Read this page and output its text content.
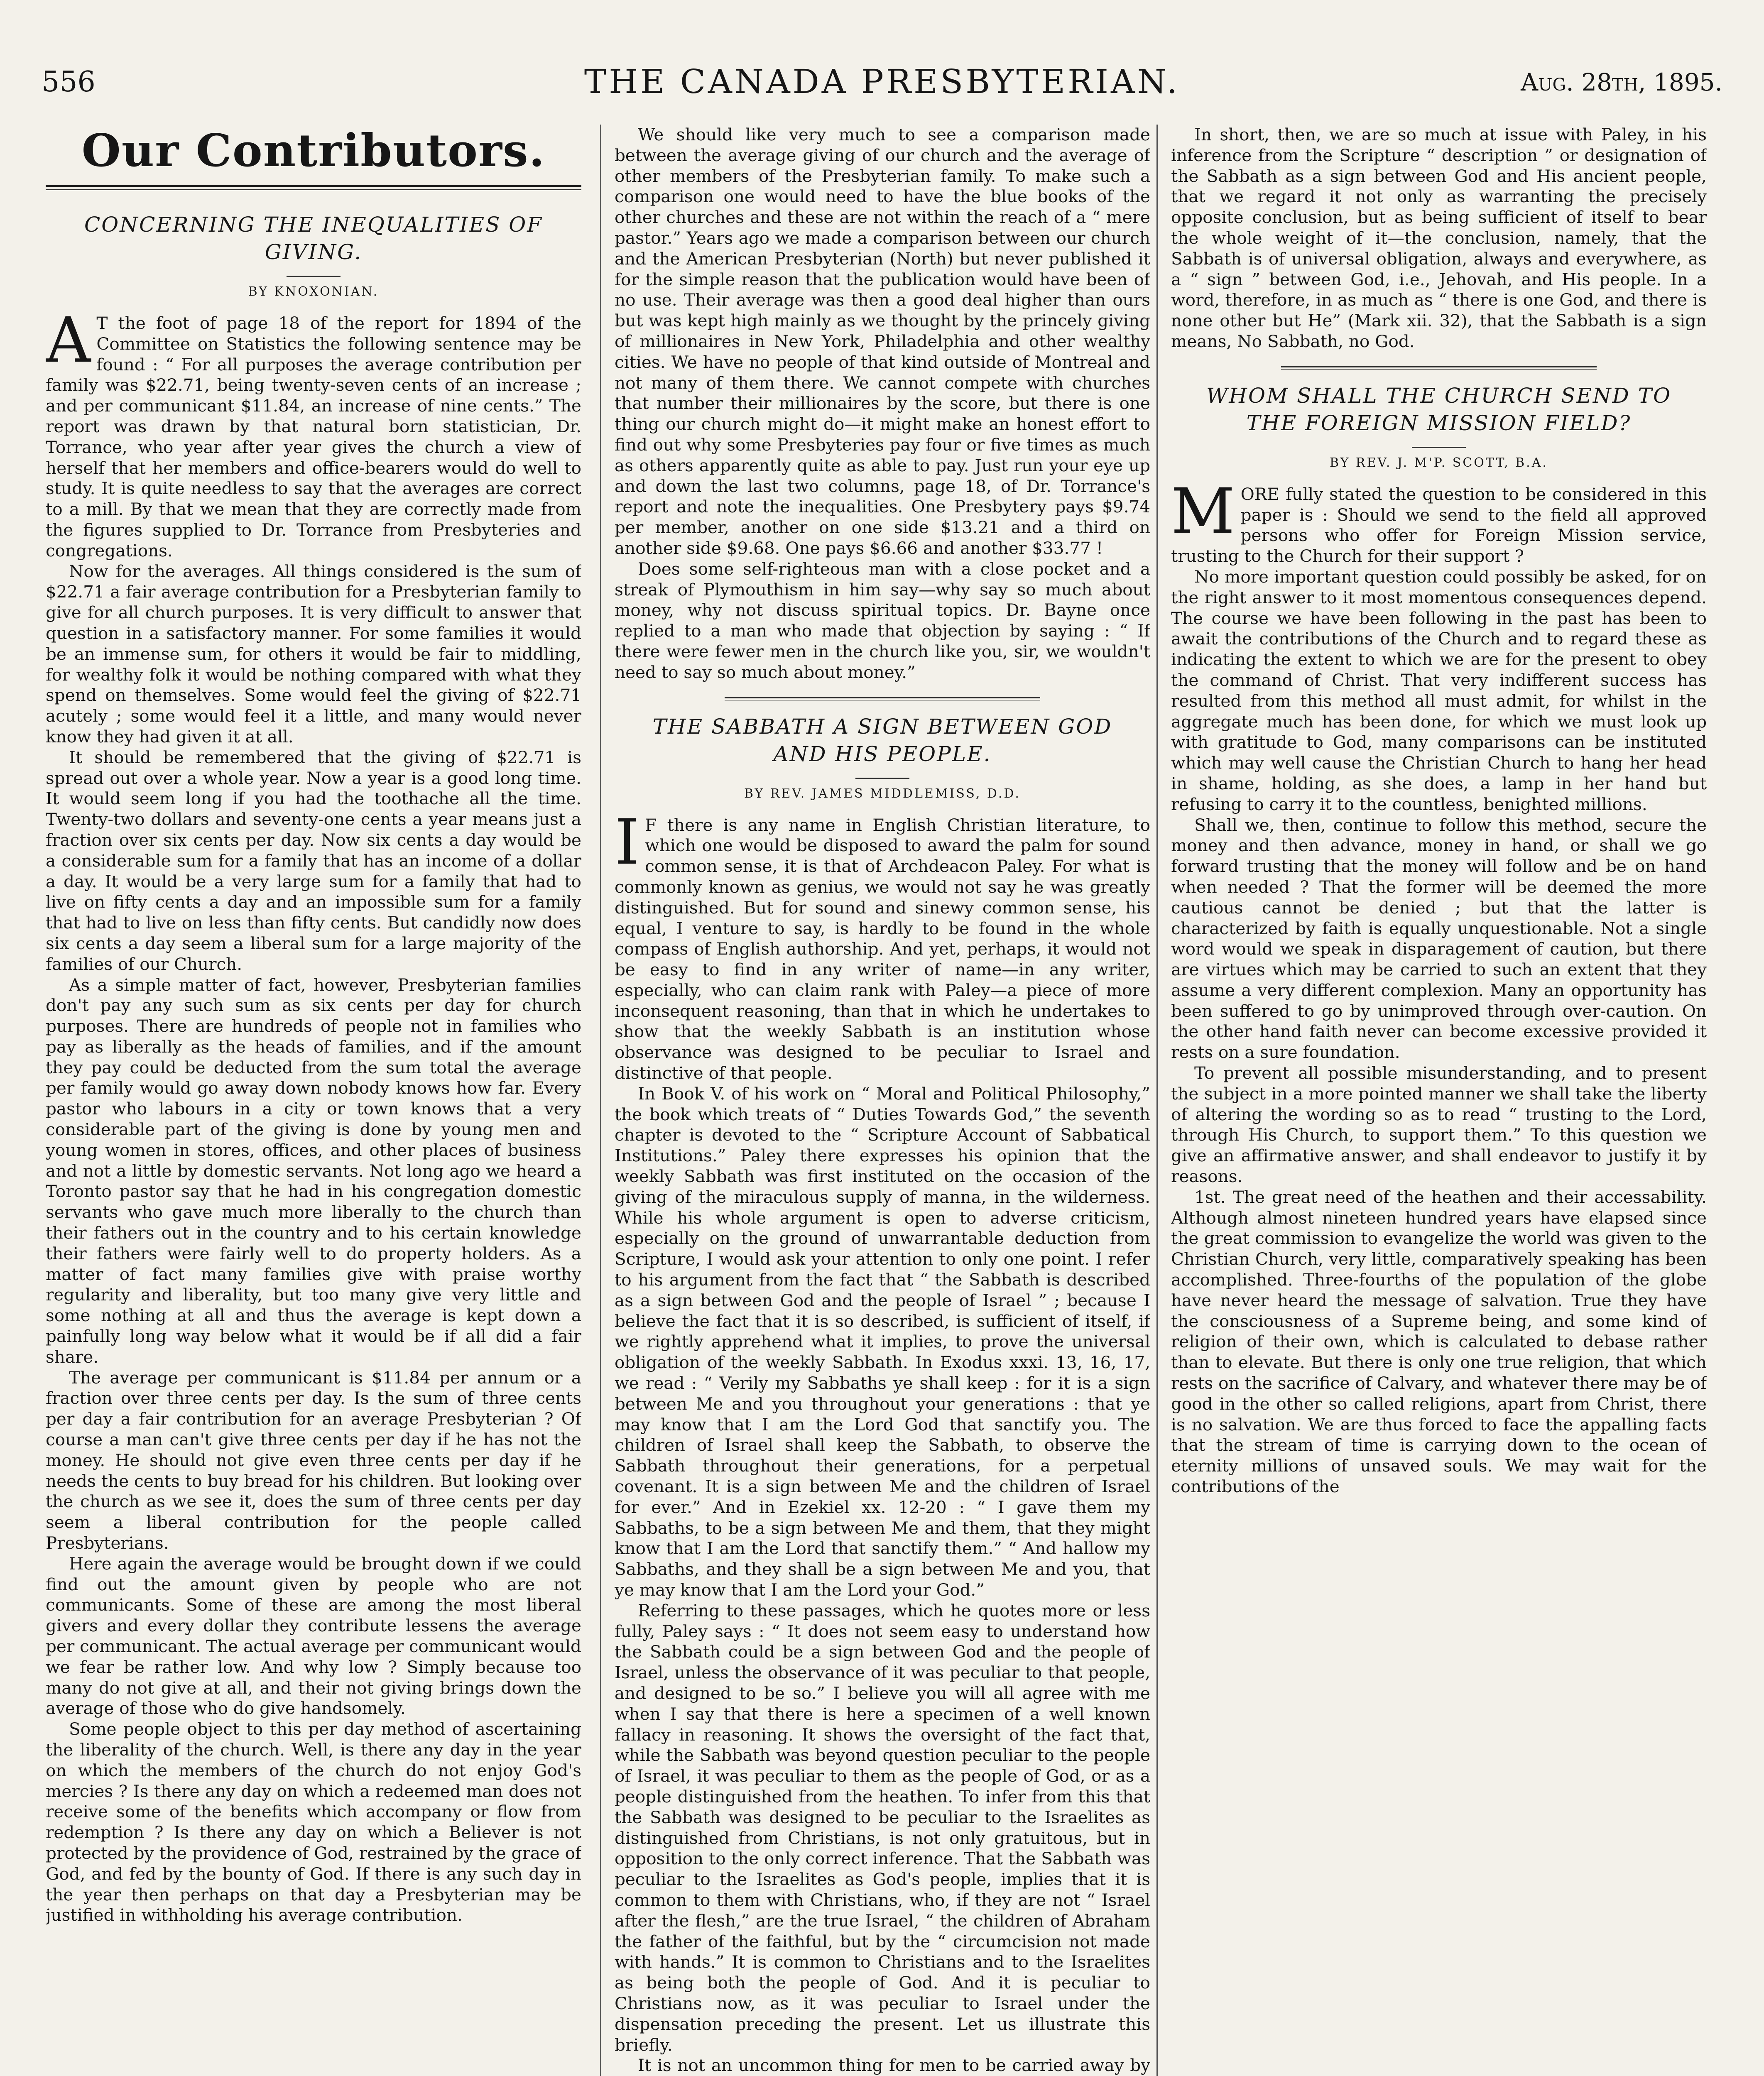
556	THE CANADA PRESBYTERIAN.	Aug. 28th, 1895.
Our Contributors.
CONCERNING THE INEQUALITIES OF GIVING.
BY KNOXONIAN.

A T the foot of page 18 of the report for 1894 of the Committee on Statistics the following sentence may be found : “ For all purposes the average contribution per family was $22.71, being twenty-seven cents of an increase ; and per communicant $11.84, an increase of nine cents.” The report was drawn by that natural born statistician, Dr. Torrance, who year after year gives the church a view of herself that her members and office-bearers would do well to study. It is quite needless to say that the averages are correct to a mill. By that we mean that they are correctly made from the figures supplied to Dr. Torrance from Presbyteries and congregations.

Now for the averages. All things considered is the sum of $22.71 a fair average contribution for a Presbyterian family to give for all church purposes. It is very difficult to answer that question in a satisfactory manner. For some families it would be an immense sum, for others it would be fair to middling, for wealthy folk it would be nothing compared with what they spend on themselves. Some would feel the giving of $22.71 acutely ; some would feel it a little, and many would never know they had given it at all.

It should be remembered that the giving of $22.71 is spread out over a whole year. Now a year is a good long time. It would seem long if you had the toothache all the time. Twenty-two dollars and seventy-one cents a year means just a fraction over six cents per day. Now six cents a day would be a considerable sum for a family that has an income of a dollar a day. It would be a very large sum for a family that had to live on fifty cents a day and an impossible sum for a family that had to live on less than fifty cents. But candidly now does six cents a day seem a liberal sum for a large majority of the families of our Church.

As a simple matter of fact, however, Presbyterian families don't pay any such sum as six cents per day for church purposes. There are hundreds of people not in families who pay as liberally as the heads of families, and if the amount they pay could be deducted from the sum total the average per family would go away down nobody knows how far. Every pastor who labours in a city or town knows that a very considerable part of the giving is done by young men and young women in stores, offices, and other places of business and not a little by domestic servants. Not long ago we heard a Toronto pastor say that he had in his congregation domestic servants who gave much more liberally to the church than their fathers out in the country and to his certain knowledge their fathers were fairly well to do property holders. As a matter of fact many families give with praise worthy regularity and liberality, but too many give very little and some nothing at all and thus the average is kept down a painfully long way below what it would be if all did a fair share.

The average per communicant is $11.84 per annum or a fraction over three cents per day. Is the sum of three cents per day a fair contribution for an average Presbyterian ? Of course a man can't give three cents per day if he has not the money. He should not give even three cents per day if he needs the cents to buy bread for his children. But looking over the church as we see it, does the sum of three cents per day seem a liberal contribution for the people called Presbyterians.

Here again the average would be brought down if we could find out the amount given by people who are not communicants. Some of these are among the most liberal givers and every dollar they contribute lessens the average per communicant. The actual average per communicant would we fear be rather low. And why low ? Simply because too many do not give at all, and their not giving brings down the average of those who do give handsomely.

Some people object to this per day method of ascertaining the liberality of the church. Well, is there any day in the year on which the members of the church do not enjoy God's mercies ? Is there any day on which a redeemed man does not receive some of the benefits which accompany or flow from redemption ? Is there any day on which a Believer is not protected by the providence of God, restrained by the grace of God, and fed by the bounty of God. If there is any such day in the year then perhaps on that day a Presbyterian may be justified in withholding his average contribution.

We should like very much to see a comparison made between the average giving of our church and the average of other members of the Presbyterian family. To make such a comparison one would need to have the blue books of the other churches and these are not within the reach of a “ mere pastor.” Years ago we made a comparison between our church and the American Presbyterian (North) but never published it for the simple reason that the publication would have been of no use. Their average was then a good deal higher than ours but was kept high mainly as we thought by the princely giving of millionaires in New York, Philadelphia and other wealthy cities. We have no people of that kind outside of Montreal and not many of them there. We cannot compete with churches that number their millionaires by the score, but there is one thing our church might do—it might make an honest effort to find out why some Presbyteries pay four or five times as much as others apparently quite as able to pay. Just run your eye up and down the last two columns, page 18, of Dr. Torrance's report and note the inequalities. One Presbytery pays $9.74 per member, another on one side $13.21 and a third on another side $9.68. One pays $6.66 and another $33.77 !

Does some self-righteous man with a close pocket and a streak of Plymouthism in him say—why say so much about money, why not discuss spiritual topics. Dr. Bayne once replied to a man who made that objection by saying : “ If there were fewer men in the church like you, sir, we wouldn't need to say so much about money.”

THE SABBATH A SIGN BETWEEN GOD AND HIS PEOPLE.
BY REV. JAMES MIDDLEMISS, D.D.

I F there is any name in English Christian literature, to which one would be disposed to award the palm for sound common sense, it is that of Archdeacon Paley. For what is commonly known as genius, we would not say he was greatly distinguished. But for sound and sinewy common sense, his equal, I venture to say, is hardly to be found in the whole compass of English authorship. And yet, perhaps, it would not be easy to find in any writer of name—in any writer, especially, who can claim rank with Paley—a piece of more inconsequent reasoning, than that in which he undertakes to show that the weekly Sabbath is an institution whose observance was designed to be peculiar to Israel and distinctive of that people.

In Book V. of his work on “ Moral and Political Philosophy,” the book which treats of “ Duties Towards God,” the seventh chapter is devoted to the “ Scripture Account of Sabbatical Institutions.” Paley there expresses his opinion that the weekly Sabbath was first instituted on the occasion of the giving of the miraculous supply of manna, in the wilderness. While his whole argument is open to adverse criticism, especially on the ground of unwarrantable deduction from Scripture, I would ask your attention to only one point. I refer to his argument from the fact that “ the Sabbath is described as a sign between God and the people of Israel ” ; because I believe the fact that it is so described, is sufficient of itself, if we rightly apprehend what it implies, to prove the universal obligation of the weekly Sabbath. In Exodus xxxi. 13, 16, 17, we read : “ Verily my Sabbaths ye shall keep : for it is a sign between Me and you throughout your generations : that ye may know that I am the Lord God that sanctify you. The children of Israel shall keep the Sabbath, to observe the Sabbath throughout their generations, for a perpetual covenant. It is a sign between Me and the children of Israel for ever.” And in Ezekiel xx. 12-20 : “ I gave them my Sabbaths, to be a sign between Me and them, that they might know that I am the Lord that sanctify them.” “ And hallow my Sabbaths, and they shall be a sign between Me and you, that ye may know that I am the Lord your God.”

Referring to these passages, which he quotes more or less fully, Paley says : “ It does not seem easy to understand how the Sabbath could be a sign between God and the people of Israel, unless the observance of it was peculiar to that people, and designed to be so.” I believe you will all agree with me when I say that there is here a specimen of a well known fallacy in reasoning. It shows the oversight of the fact that, while the Sabbath was beyond question peculiar to the people of Israel, it was peculiar to them as the people of God, or as a people distinguished from the heathen. To infer from this that the Sabbath was designed to be peculiar to the Israelites as distinguished from Christians, is not only gratuitous, but in opposition to the only correct inference. That the Sabbath was peculiar to the Israelites as God's people, implies that it is common to them with Christians, who, if they are not “ Israel after the flesh,” are the true Israel, “ the children of Abraham the father of the faithful, but by the “ circumcision not made with hands.” It is common to Christians and to the Israelites as being both the people of God. And it is peculiar to Christians now, as it was peculiar to Israel under the dispensation preceding the present. Let us illustrate this briefly.

It is not an uncommon thing for men to be carried away by

In short, then, we are so much at issue with Paley, in his inference from the Scripture “ description ” or designation of the Sabbath as a sign between God and His ancient people, that we regard it not only as warranting the precisely opposite conclusion, but as being sufficient of itself to bear the whole weight of it—the conclusion, namely, that the Sabbath is of universal obligation, always and everywhere, as a “ sign ” between God, i.e., Jehovah, and His people. In a word, therefore, in as much as “ there is one God, and there is none other but He” (Mark xii. 32), that the Sabbath is a sign means, No Sabbath, no God.

WHOM SHALL THE CHURCH SEND TO THE FOREIGN MISSION FIELD?
BY REV. J. M'P. SCOTT, B.A.

MORE fully stated the question to be considered in this paper is : Should we send to the field all approved persons who offer for Foreign Mission service, trusting to the Church for their support ?

No more important question could possibly be asked, for on the right answer to it most momentous consequences depend. The course we have been following in the past has been to await the contributions of the Church and to regard these as indicating the extent to which we are for the present to obey the command of Christ. That very indifferent success has resulted from this method all must admit, for whilst in the aggregate much has been done, for which we must look up with gratitude to God, many comparisons can be instituted which may well cause the Christian Church to hang her head in shame, holding, as she does, a lamp in her hand but refusing to carry it to the countless, benighted millions.

Shall we, then, continue to follow this method, secure the money and then advance, money in hand, or shall we go forward trusting that the money will follow and be on hand when needed ? That the former will be deemed the more cautious cannot be denied ; but that the latter is characterized by faith is equally unquestionable. Not a single word would we speak in disparagement of caution, but there are virtues which may be carried to such an extent that they assume a very different complexion. Many an opportunity has been suffered to go by unimproved through over-caution. On the other hand faith never can become excessive provided it rests on a sure foundation.

To prevent all possible misunderstanding, and to present the subject in a more pointed manner we shall take the liberty of altering the wording so as to read “ trusting to the Lord, through His Church, to support them.” To this question we give an affirmative answer, and shall endeavor to justify it by reasons.

1st. The great need of the heathen and their accessability. Although almost nineteen hundred years have elapsed since the great commission to evangelize the world was given to the Christian Church, very little, comparatively speaking has been accomplished. Three-fourths of the population of the globe have never heard the message of salvation. True they have the consciousness of a Supreme being, and some kind of religion of their own, which is calculated to debase rather than to elevate. But there is only one true religion, that which rests on the sacrifice of Calvary, and whatever there may be of good in the other so called religions, apart from Christ, there is no salvation. We are thus forced to face the appalling facts that the stream of time is carrying down to the ocean of eternity millions of unsaved souls. We may wait for the contributions of the
